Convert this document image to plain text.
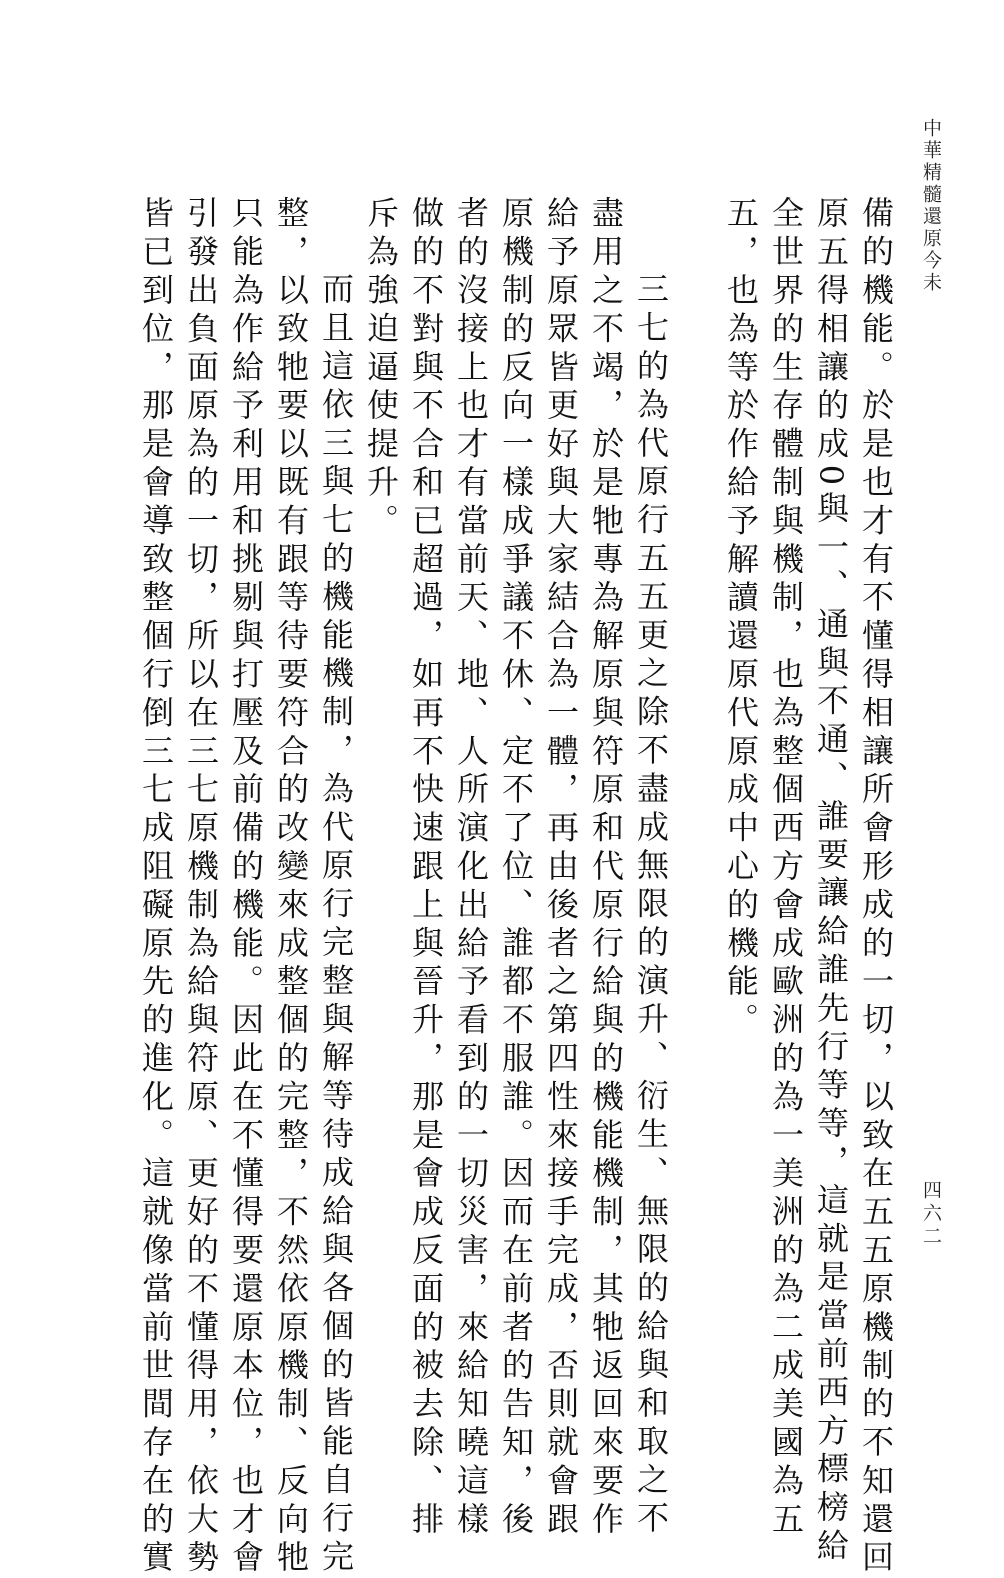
中華精髓還原今未
備的機能。於是也才有不懂得相讓所會形成的一切，以致在五五原機制的不知還回
原五得相讓的成0與一、通與不通、誰要讓給誰先行等等，這就是當前西方標榜給
全世界的生存體制與機制，也為整個西方會成歐洲的為一美洲的為二成美國為五
五，也為等於作給予解讀還原代原成中心的機能。
三七的為代原行五五更之除不盡成無限的演升、衍生、無限的給與和取之不
盡用之不竭，於是牠專為解原與符原和代原行給與的機能機制，其牠返回來要作
給予原眾皆更好與大家結合為一體，再由後者之第四性來接手完成，否則就會跟
原機制的反向一樣成爭議不休、定不了位、誰都不服誰。因而在前者的告知，後
者的沒接上也才有當前天、地、人所演化出給予看到的一切災害，來給知曉這樣
做的不對與不合和已超過，如再不快速跟上與晉升，那是會成反面的被去除、排
斥為強迫逼使提升。
而且這依三與七的機能機制，為代原行完整與解等待成給與各個的皆能自行完
整，以致牠要以既有跟等待要符合的改變來成整個的完整，不然依原機制、反向牠
只能為作給予利用和挑剔與打壓及前備的機能。因此在不懂得要還原本位，也才會
引發出負面原為的一切，所以在三七原機制為給與符原、更好的不懂得用，依大勢
皆已到位，那是會導致整個行倒三七成阻礙原先的進化。這就像當前世間存在的實	四六二
